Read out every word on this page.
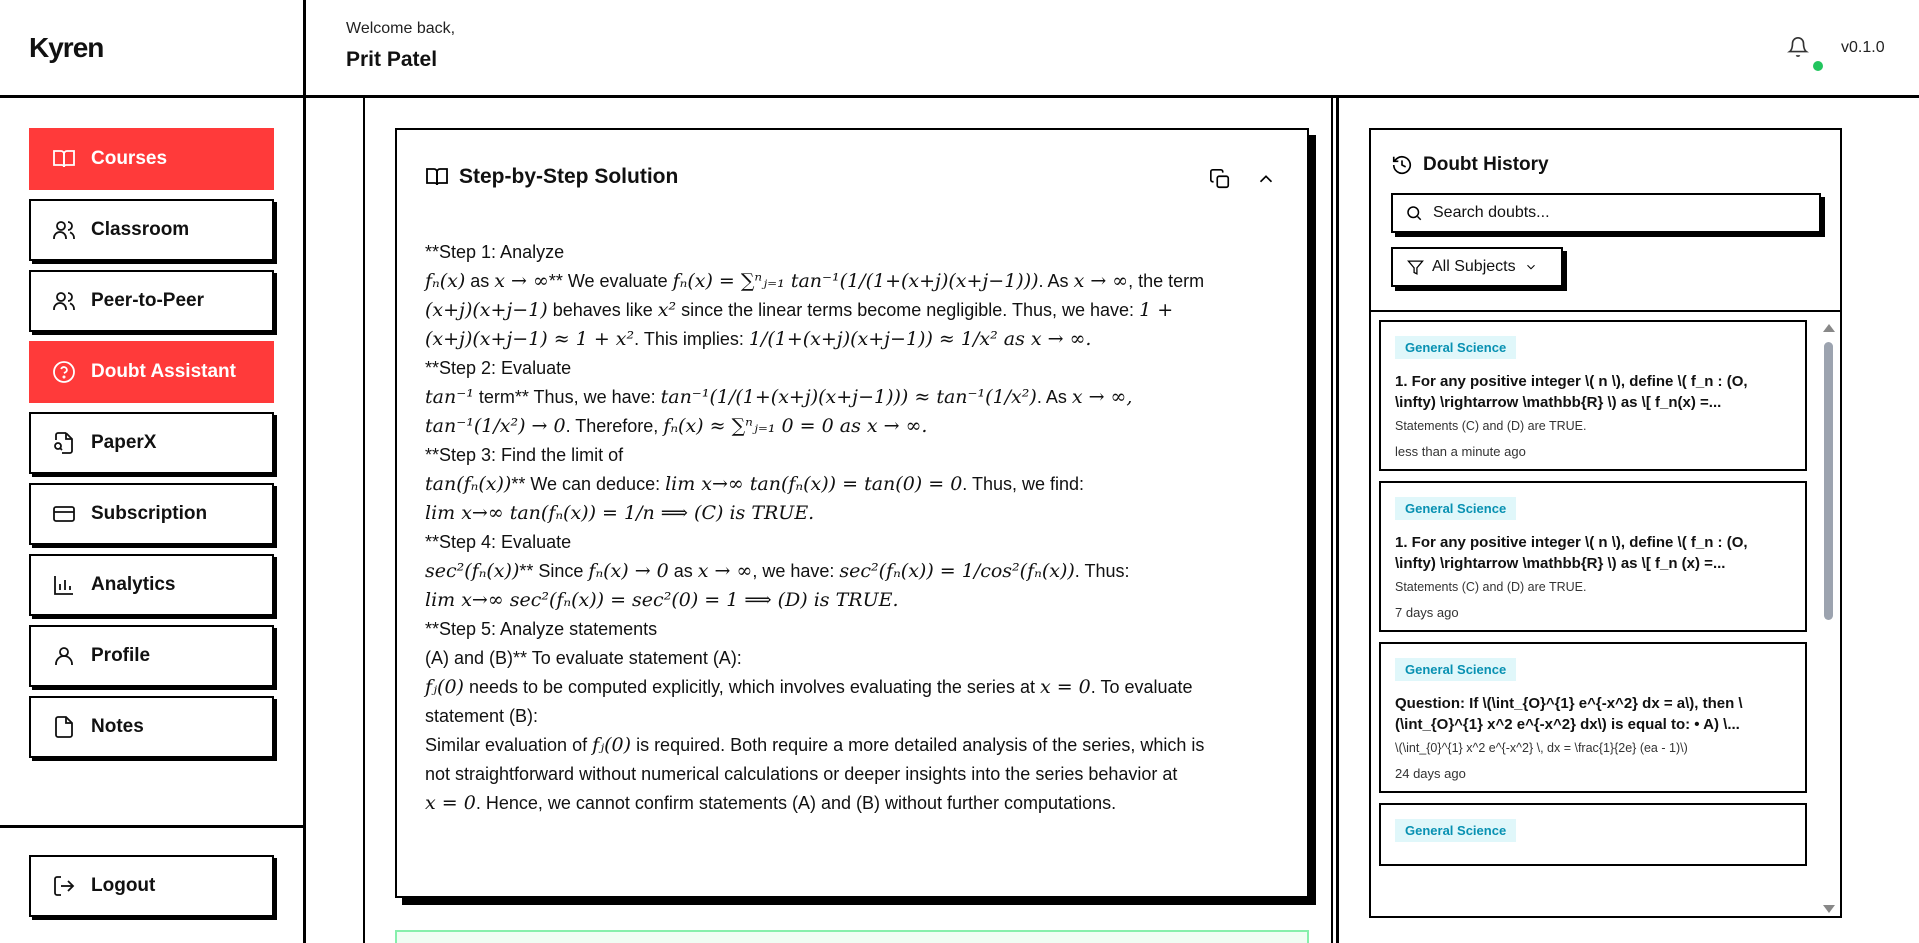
Kyren
Courses
Classroom
Peer-to-Peer
Doubt Assistant
PaperX
Subscription
Analytics
Profile
Notes
Logout
Welcome back,
Prit Patel
v0.1.0
Step-by-Step Solution

**Step 1: Analyze

fₙ(x) as x → ∞** We evaluate fₙ(x) = ∑ⁿⱼ₌₁ tan⁻¹(1/(1+(x+j)(x+j−1))). As x → ∞, the term

(x+j)(x+j−1) behaves like x² since the linear terms become negligible. Thus, we have: 1 +

(x+j)(x+j−1) ≈ 1 + x². This implies: 1/(1+(x+j)(x+j−1)) ≈ 1/x² as x → ∞.

**Step 2: Evaluate

tan⁻¹ term** Thus, we have: tan⁻¹(1/(1+(x+j)(x+j−1))) ≈ tan⁻¹(1/x²). As x → ∞,

tan⁻¹(1/x²) → 0. Therefore, fₙ(x) ≈ ∑ⁿⱼ₌₁ 0 = 0 as x → ∞.

**Step 3: Find the limit of

tan(fₙ(x))** We can deduce: lim x→∞ tan(fₙ(x)) = tan(0) = 0. Thus, we find:

lim x→∞ tan(fₙ(x)) = 1/n ⟹ (C) is TRUE.

**Step 4: Evaluate

sec²(fₙ(x))** Since fₙ(x) → 0 as x → ∞, we have: sec²(fₙ(x)) = 1/cos²(fₙ(x)). Thus:

lim x→∞ sec²(fₙ(x)) = sec²(0) = 1 ⟹ (D) is TRUE.

**Step 5: Analyze statements

(A) and (B)** To evaluate statement (A):

fⱼ(0) needs to be computed explicitly, which involves evaluating the series at x = 0. To evaluate

statement (B):

Similar evaluation of fⱼ(0) is required. Both require a more detailed analysis of the series, which is

not straightforward without numerical calculations or deeper insights into the series behavior at

x = 0. Hence, we cannot confirm statements (A) and (B) without further computations.

Doubt History
Search doubts...
All Subjects
General Science
1. For any positive integer \( n \), define \( f_n : (O, \infty) \rightarrow \mathbb{R} \) as \[ f_n(x) =...
Statements (C) and (D) are TRUE.
less than a minute ago
General Science
1. For any positive integer \( n \), define \( f_n : (O, \infty) \rightarrow \mathbb{R} \) as \[ f_n (x) =...
Statements (C) and (D) are TRUE.
7 days ago
General Science
Question: If \(\int_{O}^{1} e^{-x^2} dx = a\), then \(\int_{O}^{1} x^2 e^{-x^2} dx\) is equal to: • A) \...
\(\int_{0}^{1} x^2 e^{-x^2} \, dx = \frac{1}{2e} (ea - 1)\)
24 days ago
General Science
